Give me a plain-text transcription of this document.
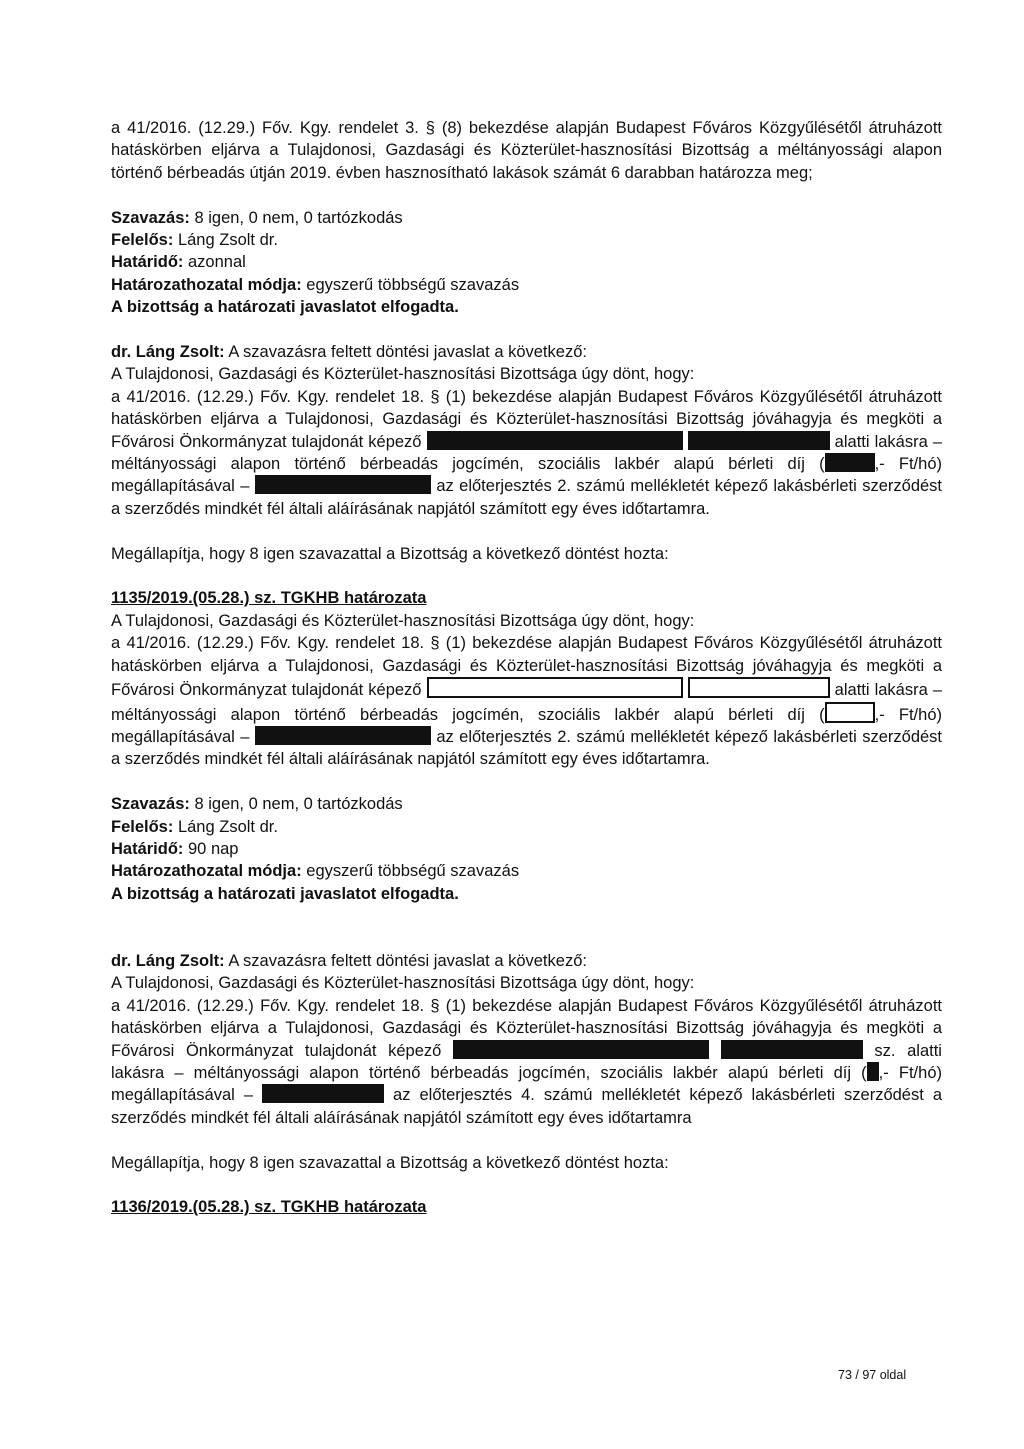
a 41/2016. (12.29.) Főv. Kgy. rendelet 3. § (8) bekezdése alapján Budapest Főváros Közgyűlésétől átruházott hatáskörben eljárva a Tulajdonosi, Gazdasági és Közterület-hasznosítási Bizottság a méltányossági alapon történő bérbeadás útján 2019. évben hasznosítható lakások számát 6 darabban határozza meg;

Szavazás: 8 igen, 0 nem, 0 tartózkodás

Felelős: Láng Zsolt dr.

Határidő: azonnal

Határozathozatal módja: egyszerű többségű szavazás

A bizottság a határozati javaslatot elfogadta.

dr. Láng Zsolt: A szavazásra feltett döntési javaslat a következő:

A Tulajdonosi, Gazdasági és Közterület-hasznosítási Bizottsága úgy dönt, hogy:

a 41/2016. (12.29.) Főv. Kgy. rendelet 18. § (1) bekezdése alapján Budapest Főváros Közgyűlésétől átruházott hatáskörben eljárva a Tulajdonosi, Gazdasági és Közterület-hasznosítási Bizottság jóváhagyja és megköti a Fővárosi Önkormányzat tulajdonát képező	alatti lakásra – méltányossági alapon történő bérbeadás jogcímén, szociális lakbér alapú bérleti díj (	,- Ft/hó) megállapításával –	az előterjesztés 2. számú mellékletét képező lakásbérleti szerződést a szerződés mindkét fél általi aláírásának napjától számított egy éves időtartamra.

Megállapítja, hogy 8 igen szavazattal a Bizottság a következő döntést hozta:

1135/2019.(05.28.) sz. TGKHB határozata

A Tulajdonosi, Gazdasági és Közterület-hasznosítási Bizottsága úgy dönt, hogy:

a 41/2016. (12.29.) Főv. Kgy. rendelet 18. § (1) bekezdése alapján Budapest Főváros Közgyűlésétől átruházott hatáskörben eljárva a Tulajdonosi, Gazdasági és Közterület-hasznosítási Bizottság jóváhagyja és megköti a Fővárosi Önkormányzat tulajdonát képező	alatti lakásra – méltányossági alapon történő bérbeadás jogcímén, szociális lakbér alapú bérleti díj (	,- Ft/hó) megállapításával –	az előterjesztés 2. számú mellékletét képező lakásbérleti szerződést a szerződés mindkét fél általi aláírásának napjától számított egy éves időtartamra.

Szavazás: 8 igen, 0 nem, 0 tartózkodás

Felelős: Láng Zsolt dr.

Határidő: 90 nap

Határozathozatal módja: egyszerű többségű szavazás

A bizottság a határozati javaslatot elfogadta.

dr. Láng Zsolt: A szavazásra feltett döntési javaslat a következő:

A Tulajdonosi, Gazdasági és Közterület-hasznosítási Bizottsága úgy dönt, hogy:

a 41/2016. (12.29.) Főv. Kgy. rendelet 18. § (1) bekezdése alapján Budapest Főváros Közgyűlésétől átruházott hatáskörben eljárva a Tulajdonosi, Gazdasági és Közterület-hasznosítási Bizottság jóváhagyja és megköti a Fővárosi Önkormányzat tulajdonát képező	sz. alatti lakásra – méltányossági alapon történő bérbeadás jogcímén, szociális lakbér alapú bérleti díj ( ,- Ft/hó) megállapításával –	az előterjesztés 4. számú mellékletét képező lakásbérleti szerződést a szerződés mindkét fél általi aláírásának napjától számított egy éves időtartamra

Megállapítja, hogy 8 igen szavazattal a Bizottság a következő döntést hozta:

1136/2019.(05.28.) sz. TGKHB határozata

73 / 97 oldal
